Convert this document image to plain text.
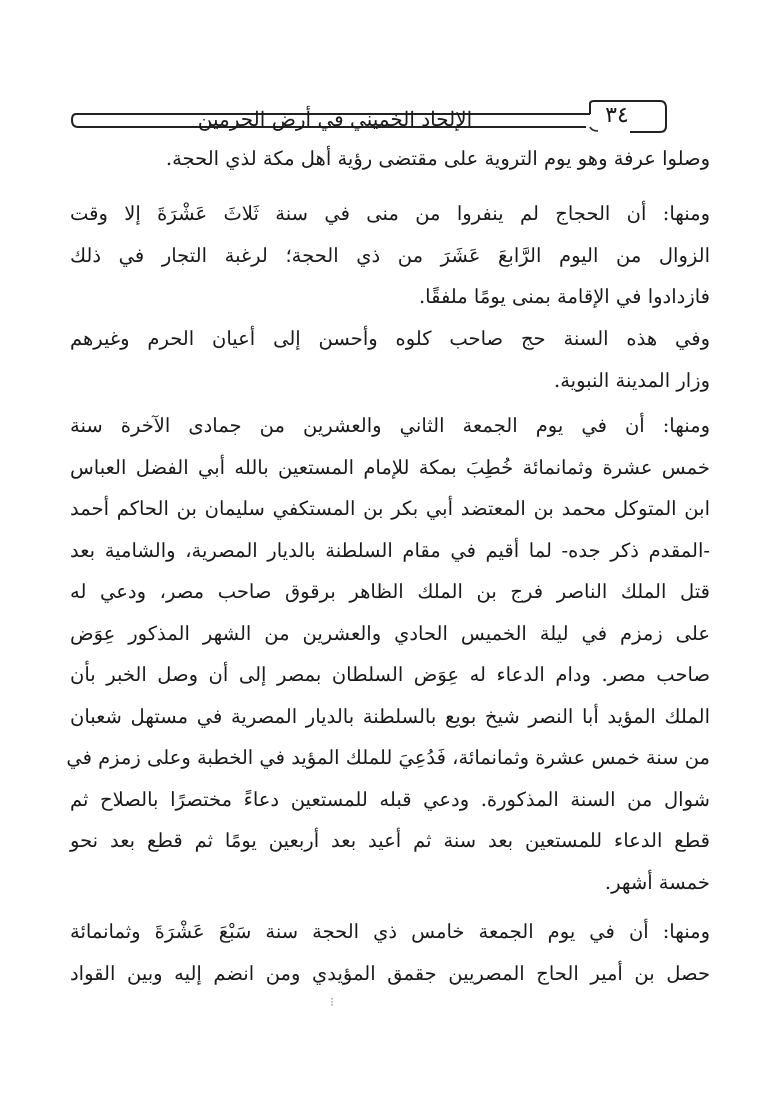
٣٤
الإلحاد الخميني في أرض الحرمين
وصلوا عرفة وهو يوم التروية على مقتضى رؤية أهل مكة لذي الحجة.
ومنها: أن الحجاج لم ينفروا من منى في سنة ثَلاثَ عَشْرَةَ إلا وقت
الزوال من اليوم الرَّابعَ عَشَرَ من ذي الحجة؛ لرغبة التجار في ذلك
فازدادوا في الإقامة بمنى يومًا ملفقًا.
وفي هذه السنة حج صاحب كلوه وأحسن إلى أعيان الحرم وغيرهم
وزار المدينة النبوية.
ومنها: أن في يوم الجمعة الثاني والعشرين من جمادى الآخرة سنة
خمس عشرة وثمانمائة خُطِبَ بمكة للإمام المستعين بالله أبي الفضل العباس
ابن المتوكل محمد بن المعتضد أبي بكر بن المستكفي سليمان بن الحاكم أحمد
-المقدم ذكر جده- لما أقيم في مقام السلطنة بالديار المصرية، والشامية بعد
قتل الملك الناصر فرج بن الملك الظاهر برقوق صاحب مصر، ودعي له
على زمزم في ليلة الخميس الحادي والعشرين من الشهر المذكور عِوَض
صاحب مصر. ودام الدعاء له عِوَض السلطان بمصر إلى أن وصل الخبر بأن
الملك المؤيد أبا النصر شيخ بويع بالسلطنة بالديار المصرية في مستهل شعبان
من سنة خمس عشرة وثمانمائة، فَدُعِيَ للملك المؤيد في الخطبة وعلى زمزم في
شوال من السنة المذكورة. ودعي قبله للمستعين دعاءً مختصرًا بالصلاح ثم
قطع الدعاء للمستعين بعد سنة ثم أعيد بعد أربعين يومًا ثم قطع بعد نحو
خمسة أشهر.
ومنها: أن في يوم الجمعة خامس ذي الحجة سنة سَبْعَ عَشْرَةَ وثمانمائة
حصل بن أمير الحاج المصريين جقمق المؤيدي ومن انضم إليه وبين القواد
⁝
